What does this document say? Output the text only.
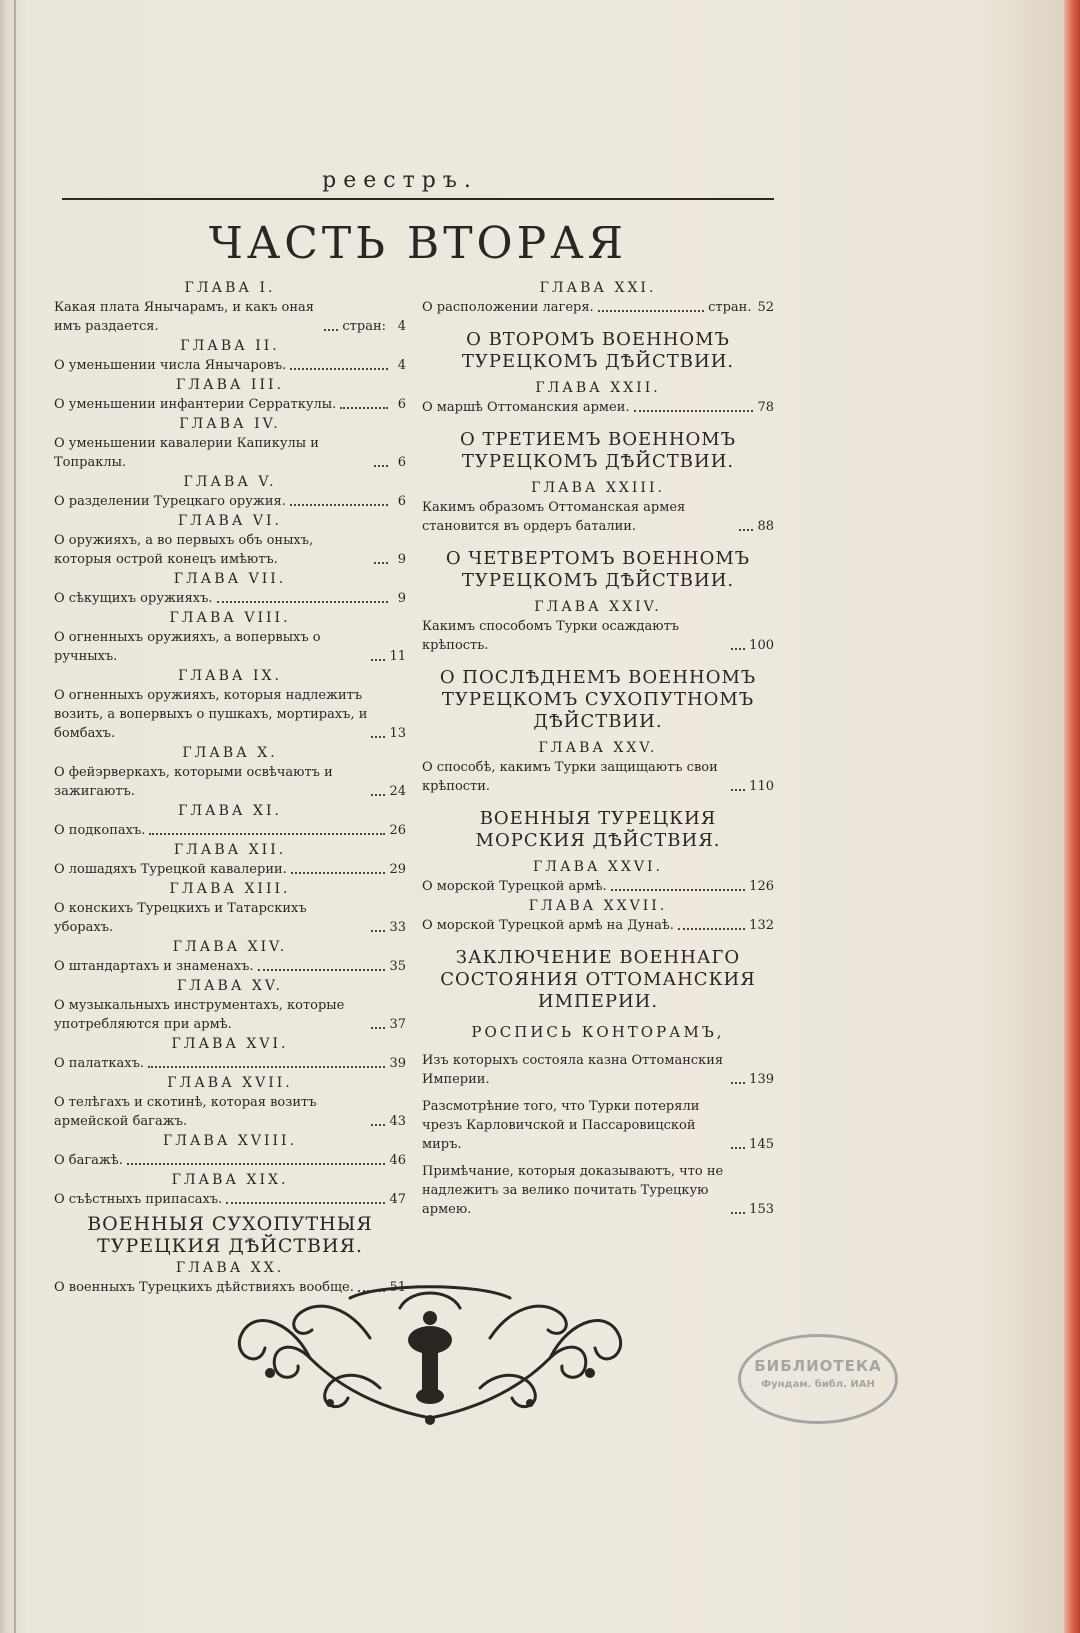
реестръ.
ЧАСТЬ ВТОРАЯ
ГЛАВА I.
Какая плата Янычарамъ, и какъ оная имъ раздается.	стран: 4
ГЛАВА II.
О уменьшении числа Янычаровъ.	4
ГЛАВА III.
О уменьшении инфантерии Серраткулы.	6
ГЛАВА IV.
О уменьшении кавалерии Капикулы и Топраклы.	6
ГЛАВА V.
О разделении Турецкаго оружия.	6
ГЛАВА VI.
О оружияхъ, а во первыхъ объ оныхъ, которыя острой конецъ имѣютъ.	9
ГЛАВА VII.
О сѣкущихъ оружияхъ.	9
ГЛАВА VIII.
О огненныхъ оружияхъ, а вопервыхъ о ручныхъ.	11
ГЛАВА IX.
О огненныхъ оружияхъ, которыя надлежитъ возить, а вопервыхъ о пушкахъ, мортирахъ, и бомбахъ.	13
ГЛАВА X.
О фейэрверкахъ, которыми освѣчаютъ и зажигаютъ.	24
ГЛАВА XI.
О подкопахъ.	26
ГЛАВА XII.
О лошадяхъ Турецкой кавалерии.	29
ГЛАВА XIII.
О конскихъ Турецкихъ и Татарскихъ уборахъ.	33
ГЛАВА XIV.
О штандартахъ и знаменахъ.	35
ГЛАВА XV.
О музыкальныхъ инструментахъ, которые употребляются при армѣ.	37
ГЛАВА XVI.
О палаткахъ.	39
ГЛАВА XVII.
О телѣгахъ и скотинѣ, которая возитъ армейской багажъ.	43
ГЛАВА XVIII.
О багажѣ.	46
ГЛАВА XIX.
О съѣстныхъ припасахъ.	47
ВОЕННЫЯ СУХОПУТНЫЯ ТУРЕЦКИЯ ДѢЙСТВИЯ.
ГЛАВА XX.
О военныхъ Турецкихъ дѣйствияхъ вообще.	51
ГЛАВА XXI.
О расположении лагеря.	стран. 52
О ВТОРОМЪ ВОЕННОМЪ ТУРЕЦКОМЪ ДѢЙСТВИИ.
ГЛАВА XXII.
О маршѣ Оттоманския армеи.	78
О ТРЕТИЕМЪ ВОЕННОМЪ ТУРЕЦКОМЪ ДѢЙСТВИИ.
ГЛАВА XXIII.
Какимъ образомъ Оттоманская армея становится въ ордеръ баталии.	88
О ЧЕТВЕРТОМЪ ВОЕННОМЪ ТУРЕЦКОМЪ ДѢЙСТВИИ.
ГЛАВА XXIV.
Какимъ способомъ Турки осаждаютъ крѣпость.	100
О ПОСЛѢДНЕМЪ ВОЕННОМЪ ТУРЕЦКОМЪ СУХОПУТНОМЪ ДѢЙСТВИИ.
ГЛАВА XXV.
О способѣ, какимъ Турки защищаютъ свои крѣпости.	110
ВОЕННЫЯ ТУРЕЦКИЯ МОРСКИЯ ДѢЙСТВИЯ.
ГЛАВА XXVI.
О морской Турецкой армѣ.	126
ГЛАВА XXVII.
О морской Турецкой армѣ на Дунаѣ.	132
ЗАКЛЮЧЕНИЕ ВОЕННАГО СОСТОЯНИЯ ОТТОМАНСКИЯ ИМПЕРИИ.
РОСПИСЬ КОНТОРАМЪ,
Изъ которыхъ состояла казна Оттоманския Империи.	139
Разсмотрѣние того, что Турки потеряли чрезъ Карловичской и Пассаровицской миръ.	145
Примѣчание, которыя доказываютъ, что не надлежитъ за велико почитать Турецкую армею.	153
БИБЛИОТЕКА
Фундам. библ. ИАН
